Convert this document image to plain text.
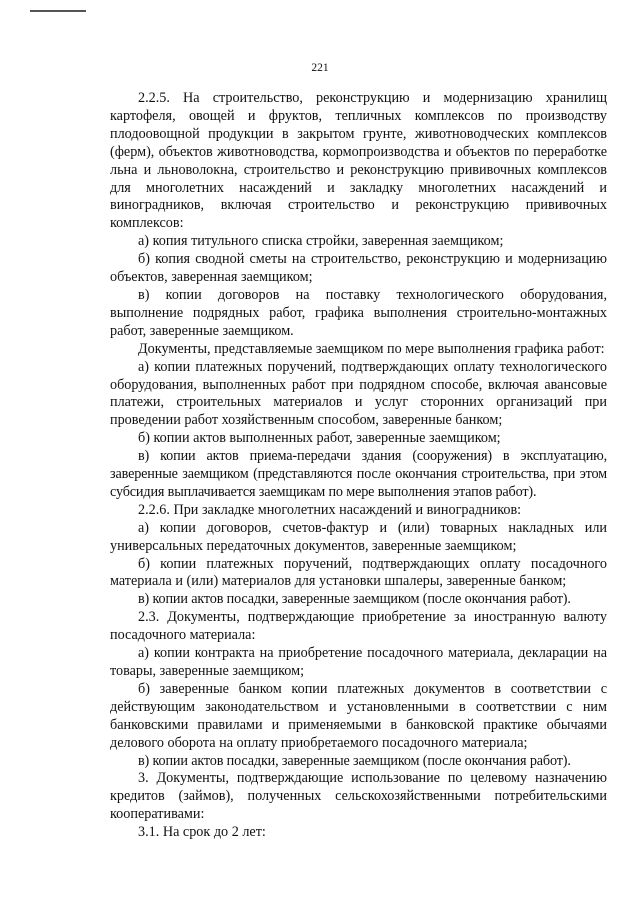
221

2.2.5. На строительство, реконструкцию и модернизацию хранилищ картофеля, овощей и фруктов, тепличных комплексов по производству плодоовощной продукции в закрытом грунте, животноводческих комплексов (ферм), объектов животноводства, кормопроизводства и объектов по переработке льна и льноволокна, строительство и реконструкцию прививочных комплексов для многолетних насаждений и закладку многолетних насаждений и виноградников, включая строительство и реконструкцию прививочных комплексов:

а) копия титульного списка стройки, заверенная заемщиком;

б) копия сводной сметы на строительство, реконструкцию и модернизацию объектов, заверенная заемщиком;

в) копии договоров на поставку технологического оборудования, выполнение подрядных работ, графика выполнения строительно-монтажных работ, заверенные заемщиком.

Документы, представляемые заемщиком по мере выполнения графика работ:

а) копии платежных поручений, подтверждающих оплату технологического оборудования, выполненных работ при подрядном способе, включая авансовые платежи, строительных материалов и услуг сторонних организаций при проведении работ хозяйственным способом, заверенные банком;

б) копии актов выполненных работ, заверенные заемщиком;

в) копии актов приема-передачи здания (сооружения) в эксплуатацию, заверенные заемщиком (представляются после окончания строительства, при этом субсидия выплачивается заемщикам по мере выполнения этапов работ).

2.2.6. При закладке многолетних насаждений и виноградников:

а) копии договоров, счетов-фактур и (или) товарных накладных или универсальных передаточных документов, заверенные заемщиком;

б) копии платежных поручений, подтверждающих оплату посадочного материала и (или) материалов для установки шпалеры, заверенные банком;

в) копии актов посадки, заверенные заемщиком (после окончания работ).

2.3. Документы, подтверждающие приобретение за иностранную валюту посадочного материала:

а) копии контракта на приобретение посадочного материала, декларации на товары, заверенные заемщиком;

б) заверенные банком копии платежных документов в соответствии с действующим законодательством и установленными в соответствии с ним банковскими правилами и применяемыми в банковской практике обычаями делового оборота на оплату приобретаемого посадочного материала;

в) копии актов посадки, заверенные заемщиком (после окончания работ).

3. Документы, подтверждающие использование по целевому назначению кредитов (займов), полученных сельскохозяйственными потребительскими кооперативами:

3.1. На срок до 2 лет:
